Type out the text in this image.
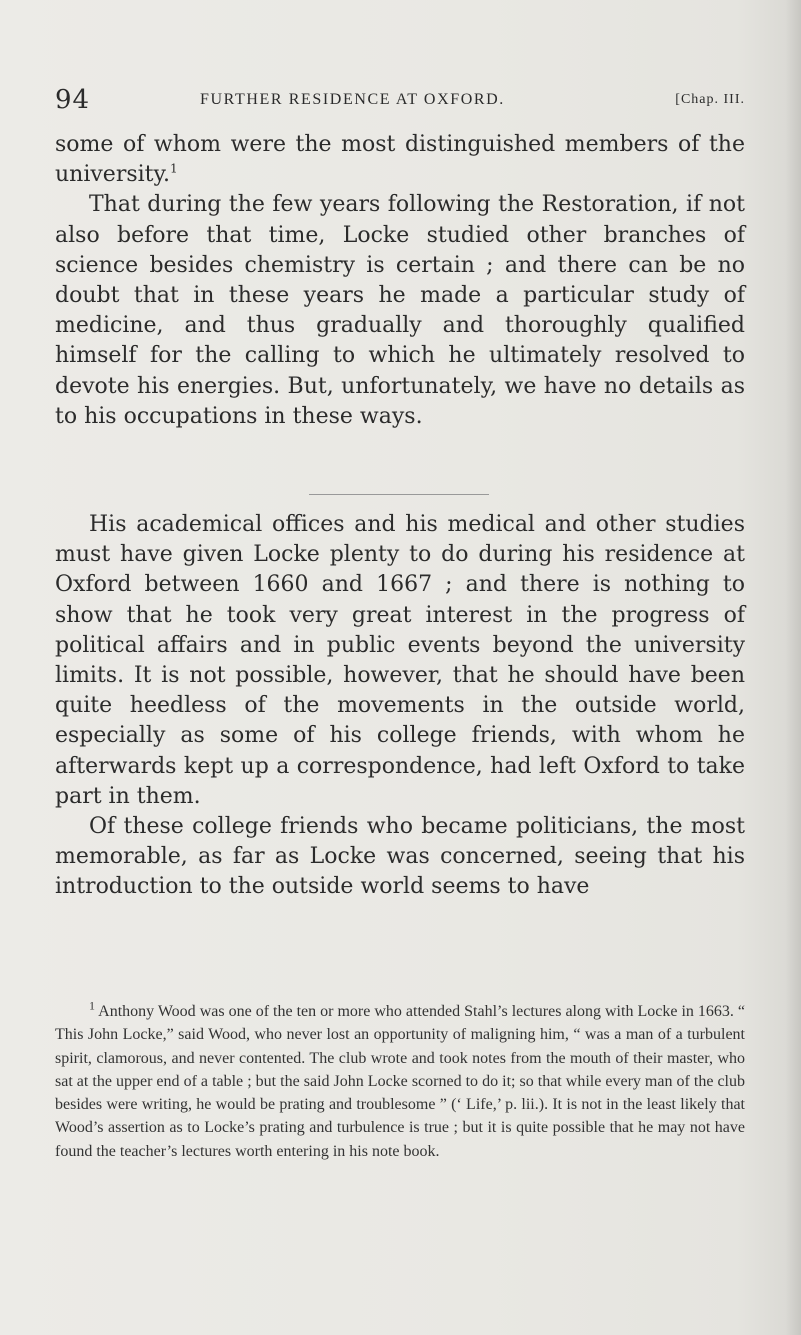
94	FURTHER RESIDENCE AT OXFORD.	[Chap. III.

some of whom were the most distinguished members of the university.$^1$

That during the few years following the Restoration, if not also before that time, Locke studied other branches of science besides chemistry is certain ; and there can be no doubt that in these years he made a particular study of medicine, and thus gradually and thoroughly qualified himself for the calling to which he ultimately resolved to devote his energies. But, unfortunately, we have no details as to his occupations in these ways.

His academical offices and his medical and other studies must have given Locke plenty to do during his residence at Oxford between 1660 and 1667 ; and there is nothing to show that he took very great interest in the progress of political affairs and in public events beyond the university limits. It is not possible, however, that he should have been quite heedless of the movements in the outside world, especially as some of his college friends, with whom he afterwards kept up a correspondence, had left Oxford to take part in them.

Of these college friends who became politicians, the most memorable, as far as Locke was concerned, seeing that his introduction to the outside world seems to have

$^1$ Anthony Wood was one of the ten or more who attended Stahl’s lectures along with Locke in 1663. “ This John Locke,” said Wood, who never lost an opportunity of maligning him, “ was a man of a turbulent spirit, clamorous, and never contented. The club wrote and took notes from the mouth of their master, who sat at the upper end of a table ; but the said John Locke scorned to do it; so that while every man of the club besides were writing, he would be prating and troublesome ” (‘ Life,’ p. lii.). It is not in the least likely that Wood’s assertion as to Locke’s prating and turbulence is true ; but it is quite possible that he may not have found the teacher’s lectures worth entering in his note book.
